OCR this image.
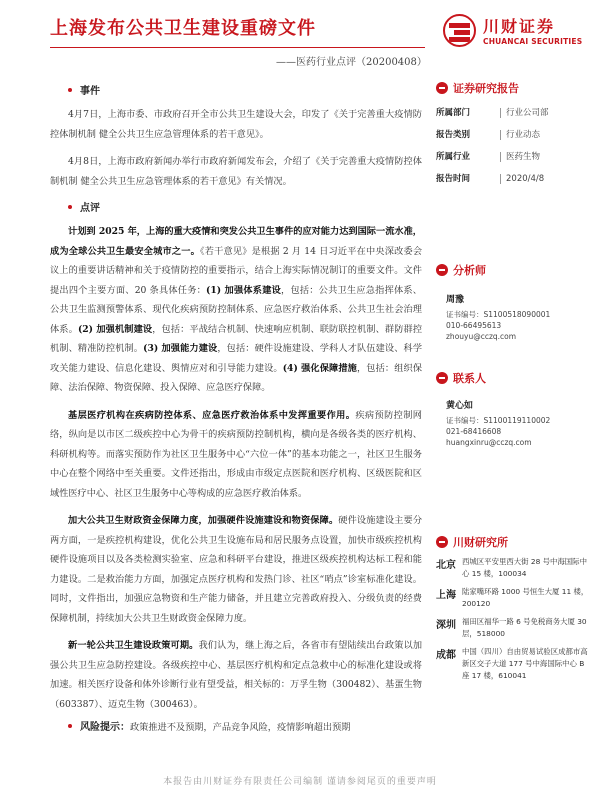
上海发布公共卫生建设重磅文件
——医药行业点评（20200408）
川财证券
CHUANCAI SECURITIES
事件

4月7日，上海市委、市政府召开全市公共卫生建设大会，印发了《关于完善重大疫情防控体制机制 健全公共卫生应急管理体系的若干意见》。

4月8日，上海市政府新闻办举行市政府新闻发布会，介绍了《关于完善重大疫情防控体制机制 健全公共卫生应急管理体系的若干意见》有关情况。

点评

计划到 2025 年，上海的重大疫情和突发公共卫生事件的应对能力达到国际一流水准，成为全球公共卫生最安全城市之一。《若干意见》是根据 2 月 14 日习近平在中央深改委会议上的重要讲话精神和关于疫情防控的重要指示，结合上海实际情况制订的重要文件。文件提出四个主要方面、20 条具体任务：(1) 加强体系建设，包括：公共卫生应急指挥体系、公共卫生监测预警体系、现代化疾病预防控制体系、应急医疗救治体系、公共卫生社会治理体系。(2) 加强机制建设，包括：平战结合机制、快速响应机制、联防联控机制、群防群控机制、精准防控机制。(3) 加强能力建设，包括：硬件设施建设、学科人才队伍建设、科学攻关能力建设、信息化建设、舆情应对和引导能力建设。(4) 强化保障措施，包括：组织保障、法治保障、物资保障、投入保障、应急医疗保障。

基层医疗机构在疾病防控体系、应急医疗救治体系中发挥重要作用。疾病预防控制网络，纵向是以市区二级疾控中心为骨干的疾病预防控制机构，横向是各级各类的医疗机构、科研机构等。而落实预防作为社区卫生服务中心“六位一体”的基本功能之一，社区卫生服务中心在整个网络中至关重要。文件还指出，形成由市级定点医院和医疗机构、区级医院和区域性医疗中心、社区卫生服务中心等构成的应急医疗救治体系。

加大公共卫生财政资金保障力度，加强硬件设施建设和物资保障。硬件设施建设主要分两方面，一是疾控机构建设，优化公共卫生设施布局和居民服务点设置，加快市级疾控机构硬件设施项目以及各类检测实验室、应急和科研平台建设，推进区级疾控机构达标工程和能力建设。二是救治能力方面，加强定点医疗机构和发热门诊、社区“哨点”诊室标准化建设。同时，文件指出，加强应急物资和生产能力储备，并且建立完善政府投入、分级负责的经费保障机制，持续加大公共卫生财政资金保障力度。

新一轮公共卫生建设政策可期。我们认为，继上海之后，各省市有望陆续出台政策以加强公共卫生应急防控建设。各级疾控中心、基层医疗机构和定点急救中心的标准化建设或将加速。相关医疗设备和体外诊断行业有望受益，相关标的：万孚生物（300482）、基蛋生物（603387）、迈克生物（300463）。

风险提示： 政策推进不及预期，产品竞争风险，疫情影响超出预期
证券研究报告
所属部门	行业公司部
报告类别	行业动态
所属行业	医药生物
报告时间	2020/4/8
分析师
周豫
证书编号：S1100518090001
010-66495613
zhouyu@cczq.com
联系人
黄心如
证书编号：S1100119110002
021-68416608
huangxinru@cczq.com
川财研究所
北京 西城区平安里西大街 28 号中海国际中心 15 楼，100034
上海 陆家嘴环路 1000 号恒生大厦 11 楼，200120
深圳 福田区福华一路 6 号免税商务大厦 30 层，518000
成都 中国（四川）自由贸易试验区成都市高新区交子大道 177 号中海国际中心 B 座 17 楼，610041
本报告由川财证券有限责任公司编制 谨请参阅尾页的重要声明
